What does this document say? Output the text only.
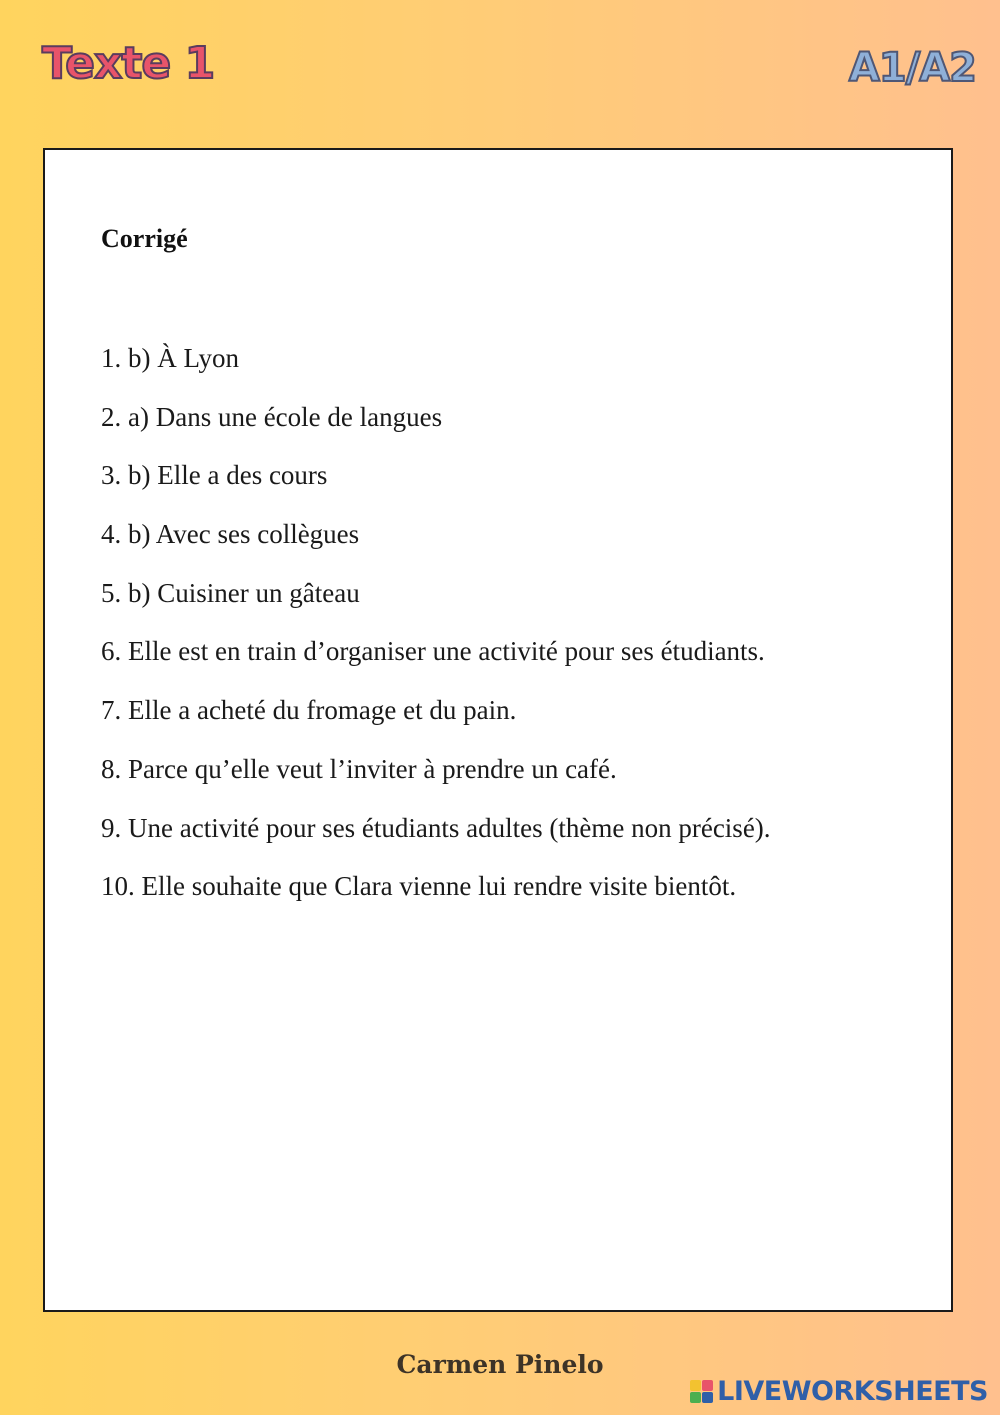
Texte 1	A1/A2
Corrigé
1. b) À Lyon
2. a) Dans une école de langues
3. b) Elle a des cours
4. b) Avec ses collègues
5. b) Cuisiner un gâteau
6. Elle est en train d’organiser une activité pour ses étudiants.
7. Elle a acheté du fromage et du pain.
8. Parce qu’elle veut l’inviter à prendre un café.
9. Une activité pour ses étudiants adultes (thème non précisé).
10. Elle souhaite que Clara vienne lui rendre visite bientôt.
Carmen Pinelo
LIVEWORKSHEETS
